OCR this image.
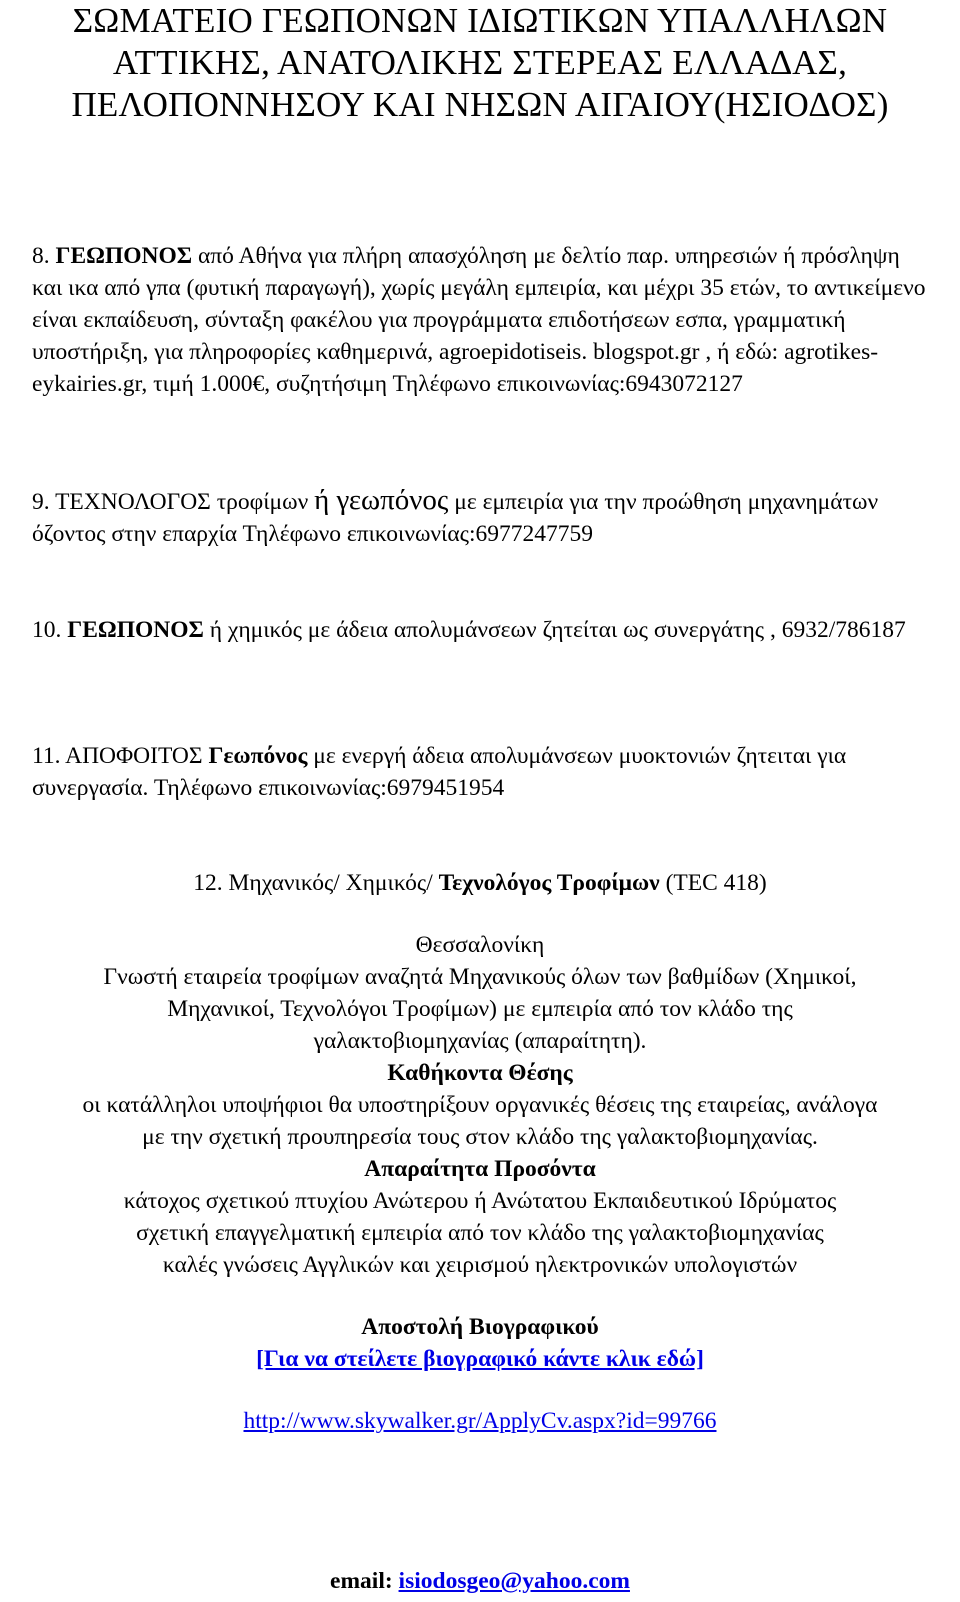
ΣΩΜΑΤΕΙΟ ΓΕΩΠΟΝΩΝ Ι∆ΙΩΤΙΚΩΝ ΥΠΑΛΛΗΛΩΝ
ΑΤΤΙΚΗΣ, ΑΝΑΤΟΛΙΚΗΣ ΣΤΕΡΕΑΣ ΕΛΛΑ∆ΑΣ,
ΠΕΛΟΠΟΝΝΗΣΟΥ ΚΑΙ ΝΗΣΩΝ ΑΙΓΑΙΟΥ(ΗΣΙΟ∆ΟΣ)
8. ΓΕΩΠΟΝΟΣ από Αθήνα για πλήρη απασχόληση με δελτίο παρ. υπηρεσιών ή πρόσληψη και ικα από γπα (φυτική παραγωγή), χωρίς μεγάλη εμπειρία, και μέχρι 35 ετών, το αντικείμενο είναι εκπαίδευση, σύνταξη φακέλου για προγράμματα επιδοτήσεων εσπα, γραμματική υποστήριξη, για πληροφορίες καθημερινά, agroepidotiseis. blogspot.gr , ή εδώ: agrotikes- eykairies.gr, τιμή 1.000€, συζητήσιμη Τηλέφωνο επικοινωνίας:6943072127
9. ΤΕΧΝΟΛΟΓΟΣ τροφίμων ή γεωπόνος με εμπειρία για την προώθηση μηχανημάτων όζοντος στην επαρχία Τηλέφωνο επικοινωνίας:6977247759
10. ΓΕΩΠΟΝΟΣ ή χημικός με άδεια απολυμάνσεων ζητείται ως συνεργάτης , 6932/786187
11. ΑΠΟΦΟΙΤΟΣ Γεωπόνος με ενεργή άδεια απολυμάνσεων μυοκτονιών ζητειται για συνεργασία. Τηλέφωνο επικοινωνίας:6979451954
12. Μηχανικός/ Χημικός/ Τεχνολόγος Τροφίμων (TEC 418)
Θεσσαλονίκη
Γνωστή εταιρεία τροφίμων αναζητά Μηχανικούς όλων των βαθμίδων (Χημικοί,
Μηχανικοί, Τεχνολόγοι Τροφίμων) με εμπειρία από τον κλάδο της
γαλακτοβιομηχανίας (απαραίτητη).
Καθήκοντα Θέσης
οι κατάλληλοι υποψήφιοι θα υποστηρίξουν οργανικές θέσεις της εταιρείας, ανάλογα
με την σχετική προυπηρεσία τους στον κλάδο της γαλακτοβιομηχανίας.
Απαραίτητα Προσόντα
κάτοχος σχετικού πτυχίου Ανώτερου ή Ανώτατου Εκπαιδευτικού Ιδρύματος
σχετική επαγγελματική εμπειρία από τον κλάδο της γαλακτοβιομηχανίας
καλές γνώσεις Αγγλικών και χειρισμού ηλεκτρονικών υπολογιστών
Αποστολή Βιογραφικού
[Για να στείλετε βιογραφικό κάντε κλικ εδώ]
http://www.skywalker.gr/ApplyCv.aspx?id=99766
email: isiodosgeo@yahoo.com
